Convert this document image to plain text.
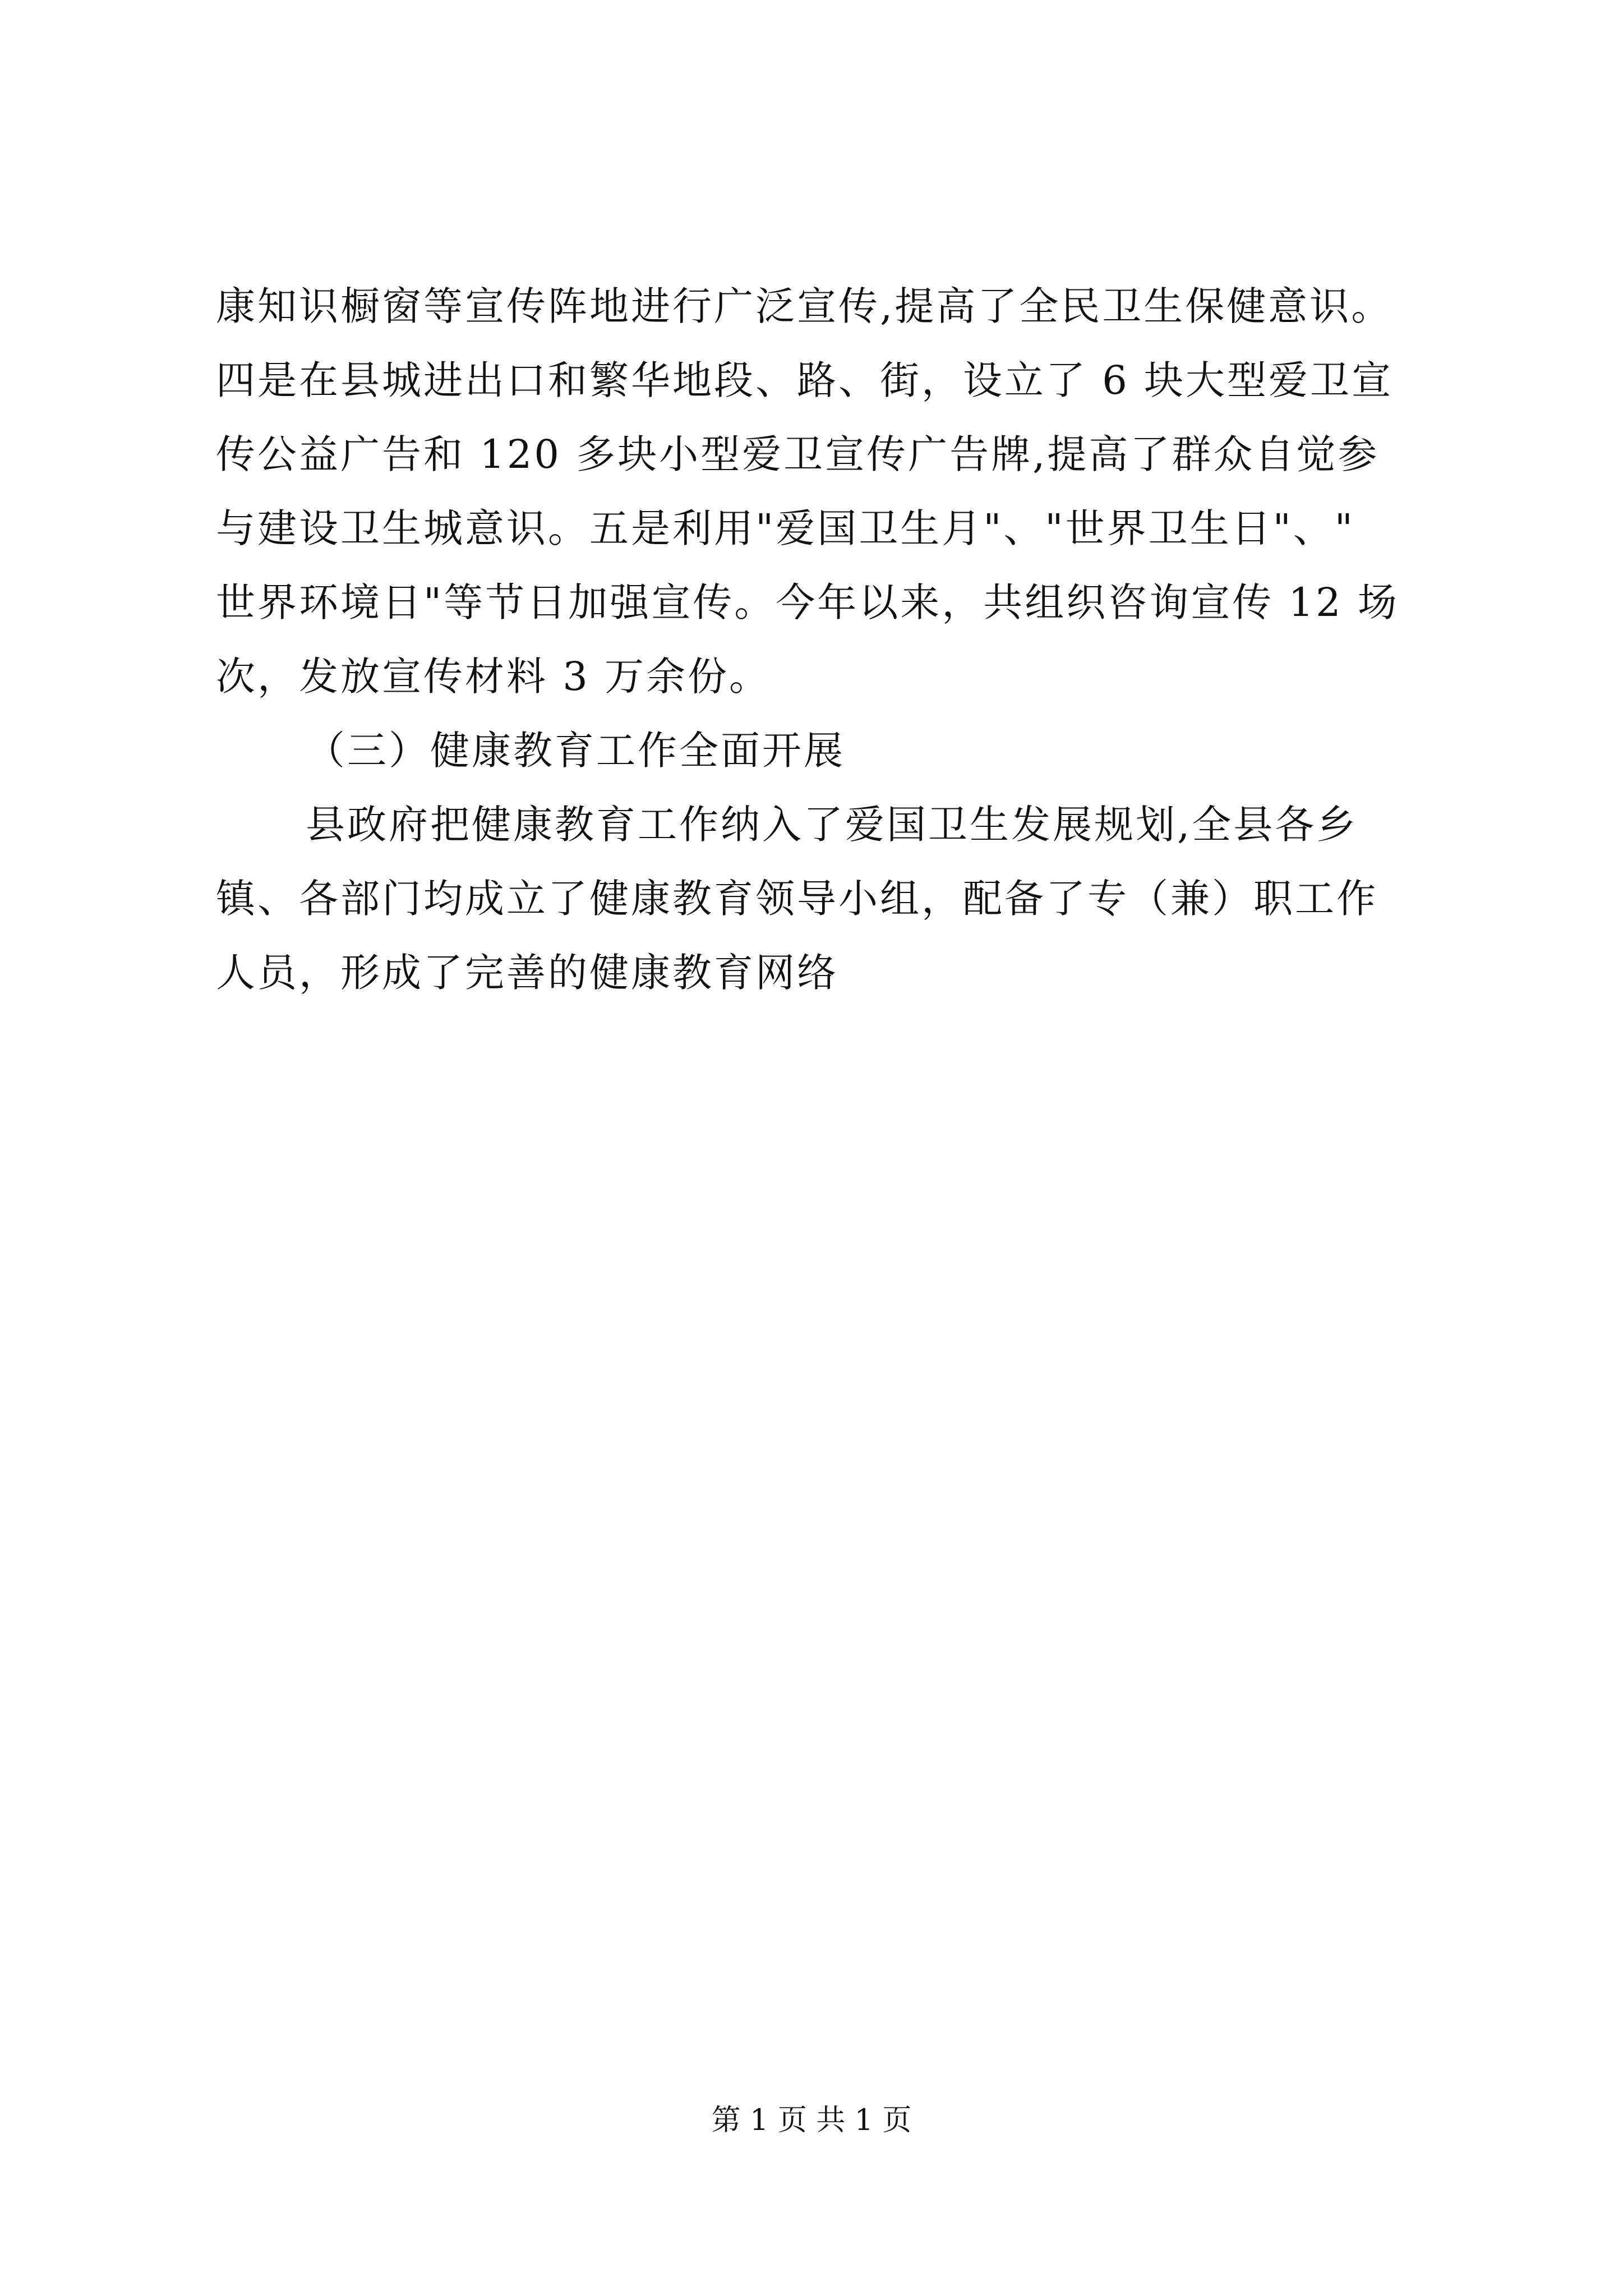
康知识橱窗等宣传阵地进行广泛宣传,提高了全民卫生保健意识。
四是在县城进出口和繁华地段、路、街，设立了 6 块大型爱卫宣
传公益广告和 120 多块小型爱卫宣传广告牌,提高了群众自觉参
与建设卫生城意识。五是利用"爱国卫生月"、"世界卫生日"、"
世界环境日"等节日加强宣传。今年以来，共组织咨询宣传 12 场
次，发放宣传材料 3 万余份。
（三）健康教育工作全面开展
县政府把健康教育工作纳入了爱国卫生发展规划,全县各乡
镇、各部门均成立了健康教育领导小组，配备了专（兼）职工作
人员，形成了完善的健康教育网络
第 1 页 共 1 页
